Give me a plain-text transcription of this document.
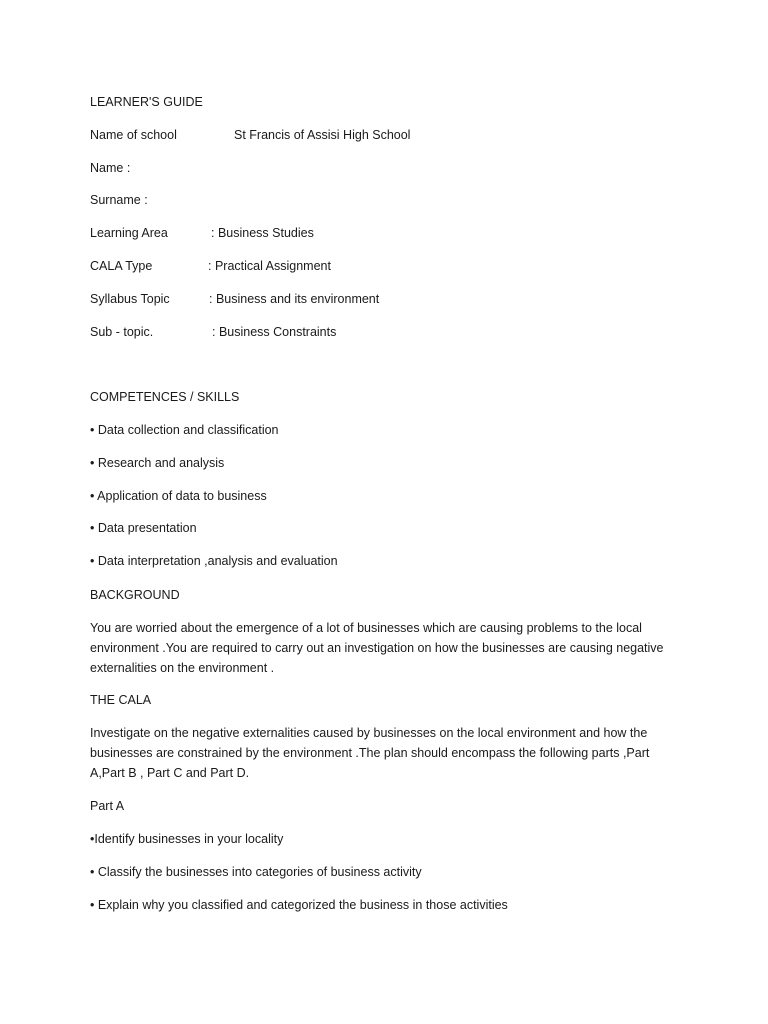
LEARNER'S GUIDE
Name of school	St Francis of Assisi High School
Name :
Surname :
Learning Area	: Business Studies
CALA Type	: Practical Assignment
Syllabus Topic	: Business and its environment
Sub - topic.	: Business Constraints
COMPETENCES / SKILLS
• Data collection and classification
• Research and analysis
• Application of data to business
• Data presentation
• Data interpretation ,analysis and evaluation
BACKGROUND
You are worried about the emergence of a lot of businesses which are causing problems to the local environment .You are required to carry out an investigation on how the businesses are causing negative externalities on the environment .
THE CALA
Investigate on the negative externalities caused by businesses on the local environment and how the businesses are constrained by the environment .The plan should encompass the following parts ,Part A,Part B , Part C and Part D.
Part A
•Identify businesses in your locality
• Classify the businesses into categories of business activity
• Explain why you classified and categorized the business in those activities
